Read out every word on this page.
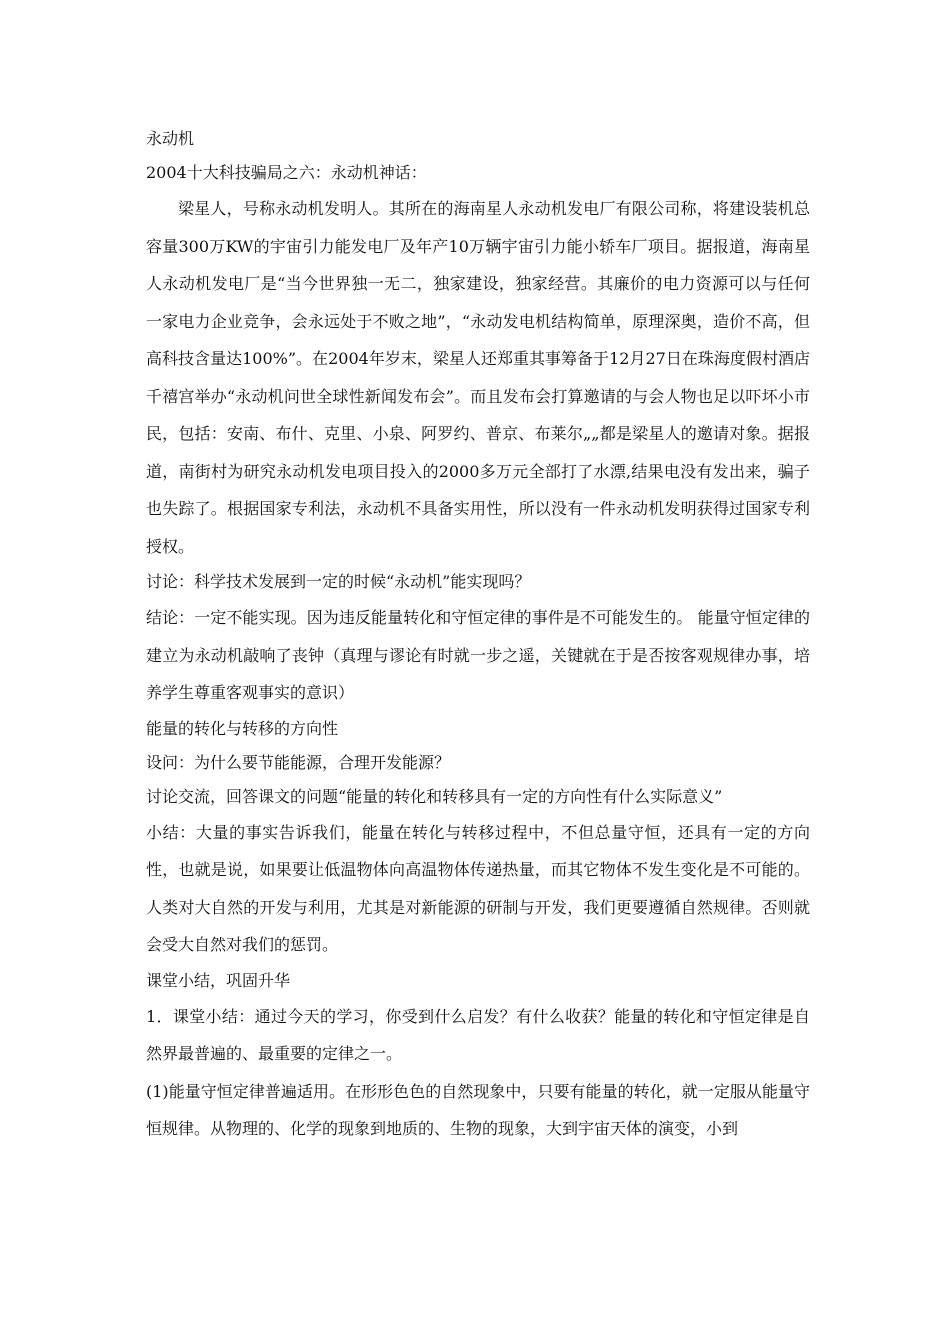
永动机

2004十大科技骗局之六：永动机神话：

梁星人，号称永动机发明人。其所在的海南星人永动机发电厂有限公司称，将建设装机总容量300万KW的宇宙引力能发电厂及年产10万辆宇宙引力能小轿车厂项目。据报道，海南星人永动机发电厂是“当今世界独一无二，独家建设，独家经营。其廉价的电力资源可以与任何一家电力企业竞争，会永远处于不败之地”，“永动发电机结构简单，原理深奥，造价不高，但高科技含量达100%”。在2004年岁末，梁星人还郑重其事筹备于12月27日在珠海度假村酒店千禧宫举办“永动机问世全球性新闻发布会”。而且发布会打算邀请的与会人物也足以吓坏小市民，包括：安南、布什、克里、小泉、阿罗约、普京、布莱尔„„都是梁星人的邀请对象。据报道，南街村为研究永动机发电项目投入的2000多万元全部打了水漂,结果电没有发出来，骗子也失踪了。根据国家专利法，永动机不具备实用性，所以没有一件永动机发明获得过国家专利授权。

讨论：科学技术发展到一定的时候“永动机”能实现吗？

结论：一定不能实现。因为违反能量转化和守恒定律的事件是不可能发生的。 能量守恒定律的建立为永动机敲响了丧钟（真理与谬论有时就一步之遥，关键就在于是否按客观规律办事，培养学生尊重客观事实的意识）

能量的转化与转移的方向性

设问：为什么要节能能源，合理开发能源？

讨论交流，回答课文的问题“能量的转化和转移具有一定的方向性有什么实际意义”

小结：大量的事实告诉我们，能量在转化与转移过程中，不但总量守恒，还具有一定的方向性，也就是说，如果要让低温物体向高温物体传递热量，而其它物体不发生变化是不可能的。人类对大自然的开发与利用，尤其是对新能源的研制与开发，我们更要遵循自然规律。否则就会受大自然对我们的惩罚。

课堂小结，巩固升华

1．课堂小结：通过今天的学习，你受到什么启发？有什么收获？能量的转化和守恒定律是自然界最普遍的、最重要的定律之一。

(1)能量守恒定律普遍适用。在形形色色的自然现象中，只要有能量的转化，就一定服从能量守恒规律。从物理的、化学的现象到地质的、生物的现象，大到宇宙天体的演变，小到
